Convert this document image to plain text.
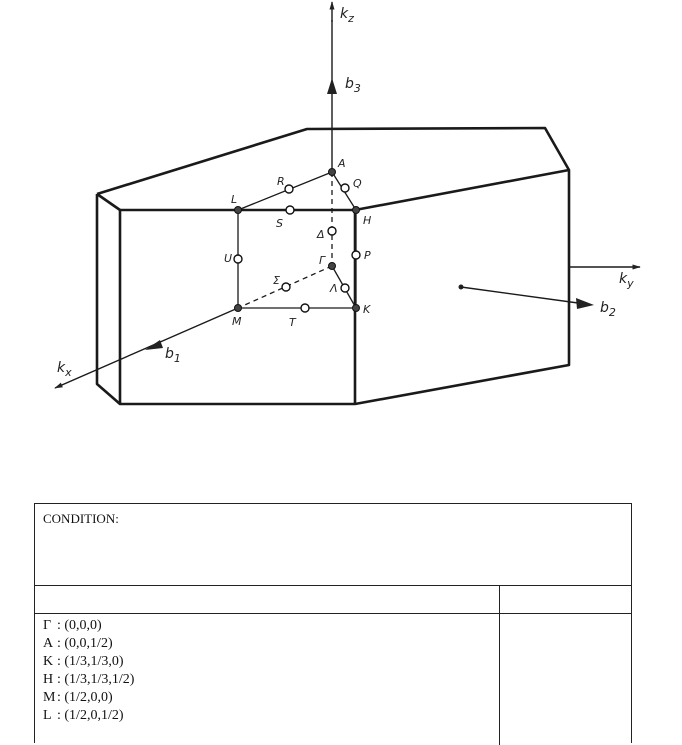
$k_z$
$b_3$
$k_y$
$b_2$
$k_x$
$b_1$
A
R	Q
L
S	H
Δ
U	P
Γ
Σ
Λ
K
M	T
CONDITION:
Γ : (0,0,0)
A : (0,0,1/2)
K : (1/3,1/3,0)
H : (1/3,1/3,1/2)
M : (1/2,0,0)
L : (1/2,0,1/2)
